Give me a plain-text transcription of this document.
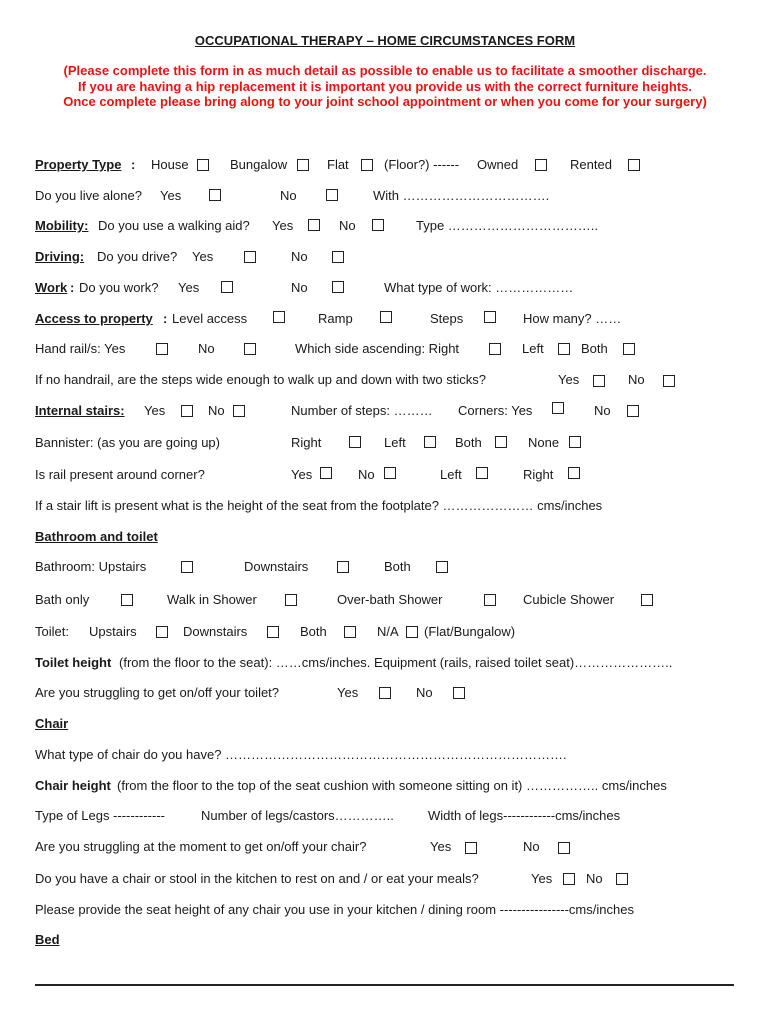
OCCUPATIONAL THERAPY – HOME CIRCUMSTANCES FORM
(Please complete this form in as much detail as possible to enable us to facilitate a smoother discharge. If you are having a hip replacement it is important you provide us with the correct furniture heights. Once complete please bring along to your joint school appointment or when you come for your surgery)
Property Type : House	Bungalow	Flat	(Floor?) ------ Owned	Rented
Do you live alone? Yes	No	With …………………………….
Mobility: Do you use a walking aid? Yes	No	Type ……………………………..
Driving: Do you drive? Yes	No
Work : Do you work? Yes	No	What type of work: ………………
Access to property : Level access	Ramp	Steps	How many? ……
Hand rail/s: Yes	No	Which side ascending: Right	Left	Both
If no handrail, are the steps wide enough to walk up and down with two sticks?	Yes	No
Internal stairs: Yes	No	Number of steps: ……… Corners: Yes	No
Bannister: (as you are going up)	Right	Left	Both	None
Is rail present around corner?	Yes	No	Left	Right
If a stair lift is present what is the height of the seat from the footplate? ………………… cms/inches
Bathroom and toilet
Bathroom: Upstairs	Downstairs	Both
Bath only	Walk in Shower	Over-bath Shower	Cubicle Shower
Toilet: Upstairs	Downstairs	Both	N/A (Flat/Bungalow)
Toilet height (from the floor to the seat): ……cms/inches. Equipment (rails, raised toilet seat)…………………..
Are you struggling to get on/off your toilet?	Yes	No
Chair
What type of chair do you have? …………………………………………………………………….
Chair height (from the floor to the top of the seat cushion with someone sitting on it) …………….. cms/inches
Type of Legs ------------	Number of legs/castors…………..	Width of legs------------cms/inches
Are you struggling at the moment to get on/off your chair?	Yes	No
Do you have a chair or stool in the kitchen to rest on and / or eat your meals?	Yes	No
Please provide the seat height of any chair you use in your kitchen / dining room ----------------cms/inches
Bed
